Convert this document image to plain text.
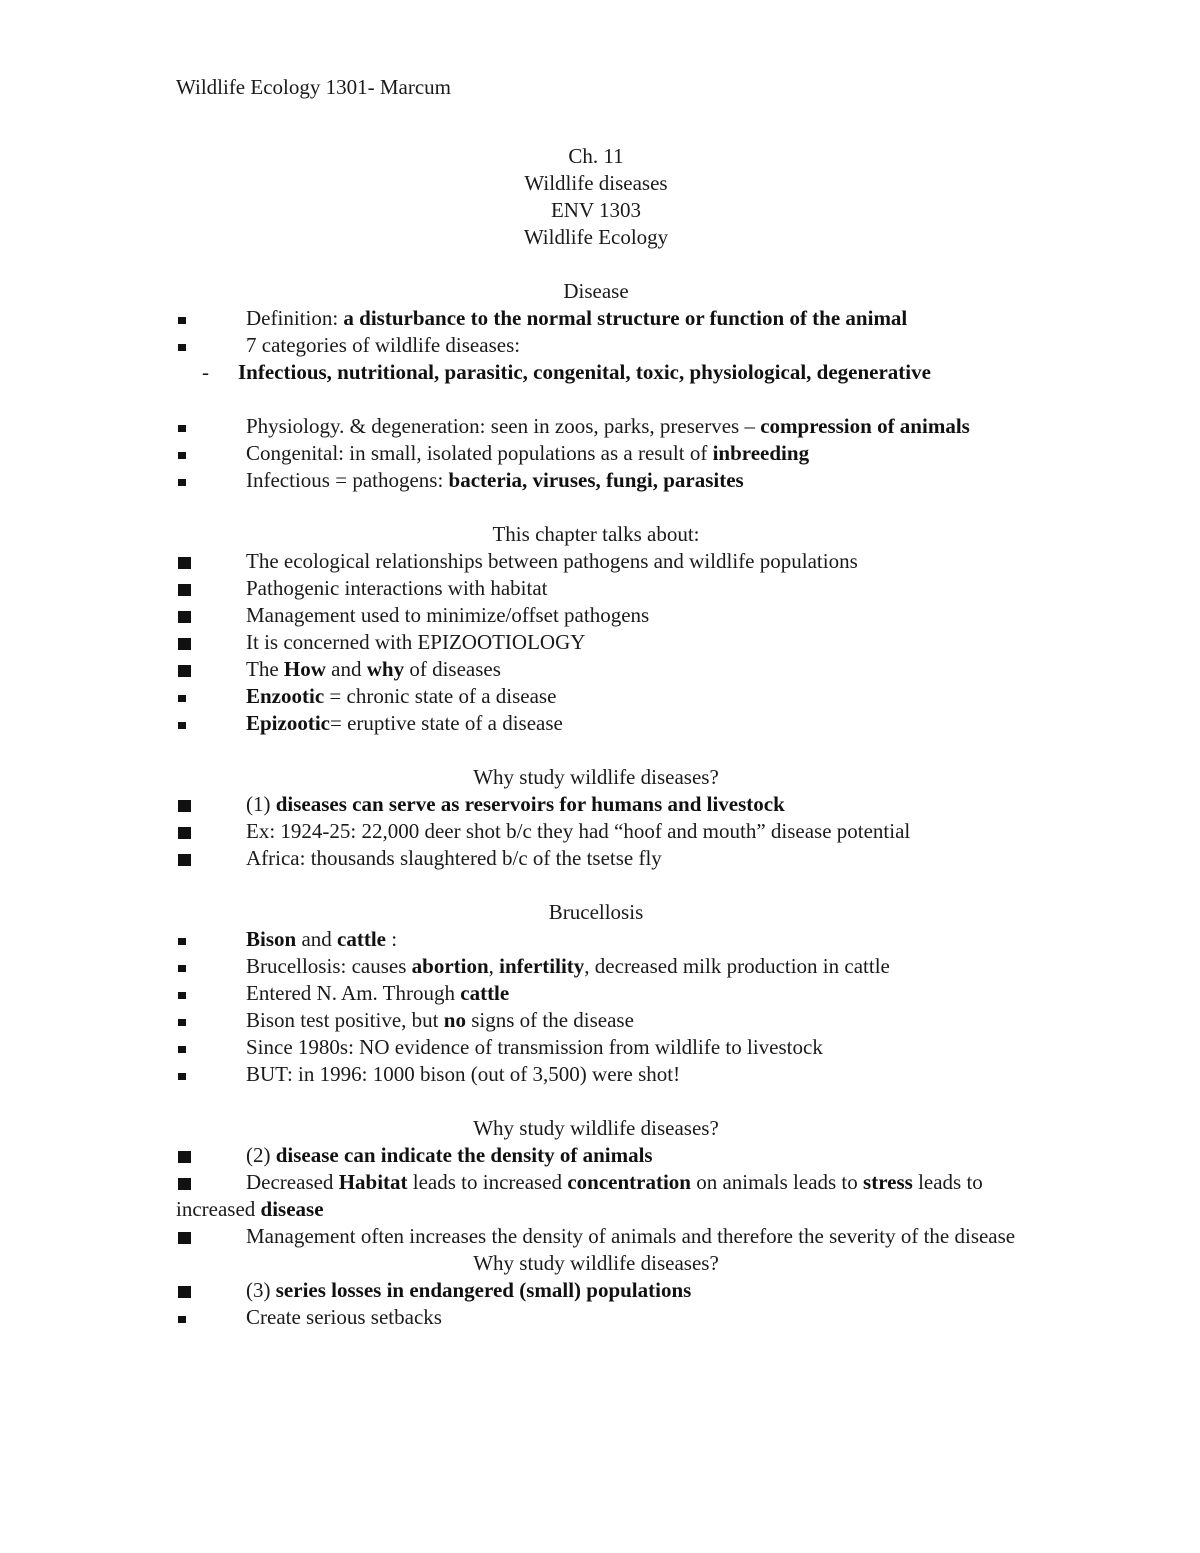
Wildlife Ecology 1301- Marcum
Ch. 11
Wildlife diseases
ENV 1303
Wildlife Ecology
Disease
Definition: a disturbance to the normal structure or function of the animal
7 categories of wildlife diseases:
- Infectious, nutritional, parasitic, congenital, toxic, physiological, degenerative
Physiology. & degeneration: seen in zoos, parks, preserves – compression of animals
Congenital: in small, isolated populations as a result of inbreeding
Infectious = pathogens: bacteria, viruses, fungi, parasites
This chapter talks about:
The ecological relationships between pathogens and wildlife populations
Pathogenic interactions with habitat
Management used to minimize/offset pathogens
It is concerned with EPIZOOTIOLOGY
The How and why of diseases
Enzootic = chronic state of a disease
Epizootic= eruptive state of a disease
Why study wildlife diseases?
(1) diseases can serve as reservoirs for humans and livestock
Ex: 1924-25: 22,000 deer shot b/c they had “hoof and mouth” disease potential
Africa: thousands slaughtered b/c of the tsetse fly
Brucellosis
Bison and cattle :
Brucellosis: causes abortion, infertility, decreased milk production in cattle
Entered N. Am. Through cattle
Bison test positive, but no signs of the disease
Since 1980s: NO evidence of transmission from wildlife to livestock
BUT: in 1996: 1000 bison (out of 3,500) were shot!
Why study wildlife diseases?
(2) disease can indicate the density of animals
Decreased Habitat leads to increased concentration on animals leads to stress leads to increased disease
Management often increases the density of animals and therefore the severity of the disease
Why study wildlife diseases?
(3) series losses in endangered (small) populations
Create serious setbacks
